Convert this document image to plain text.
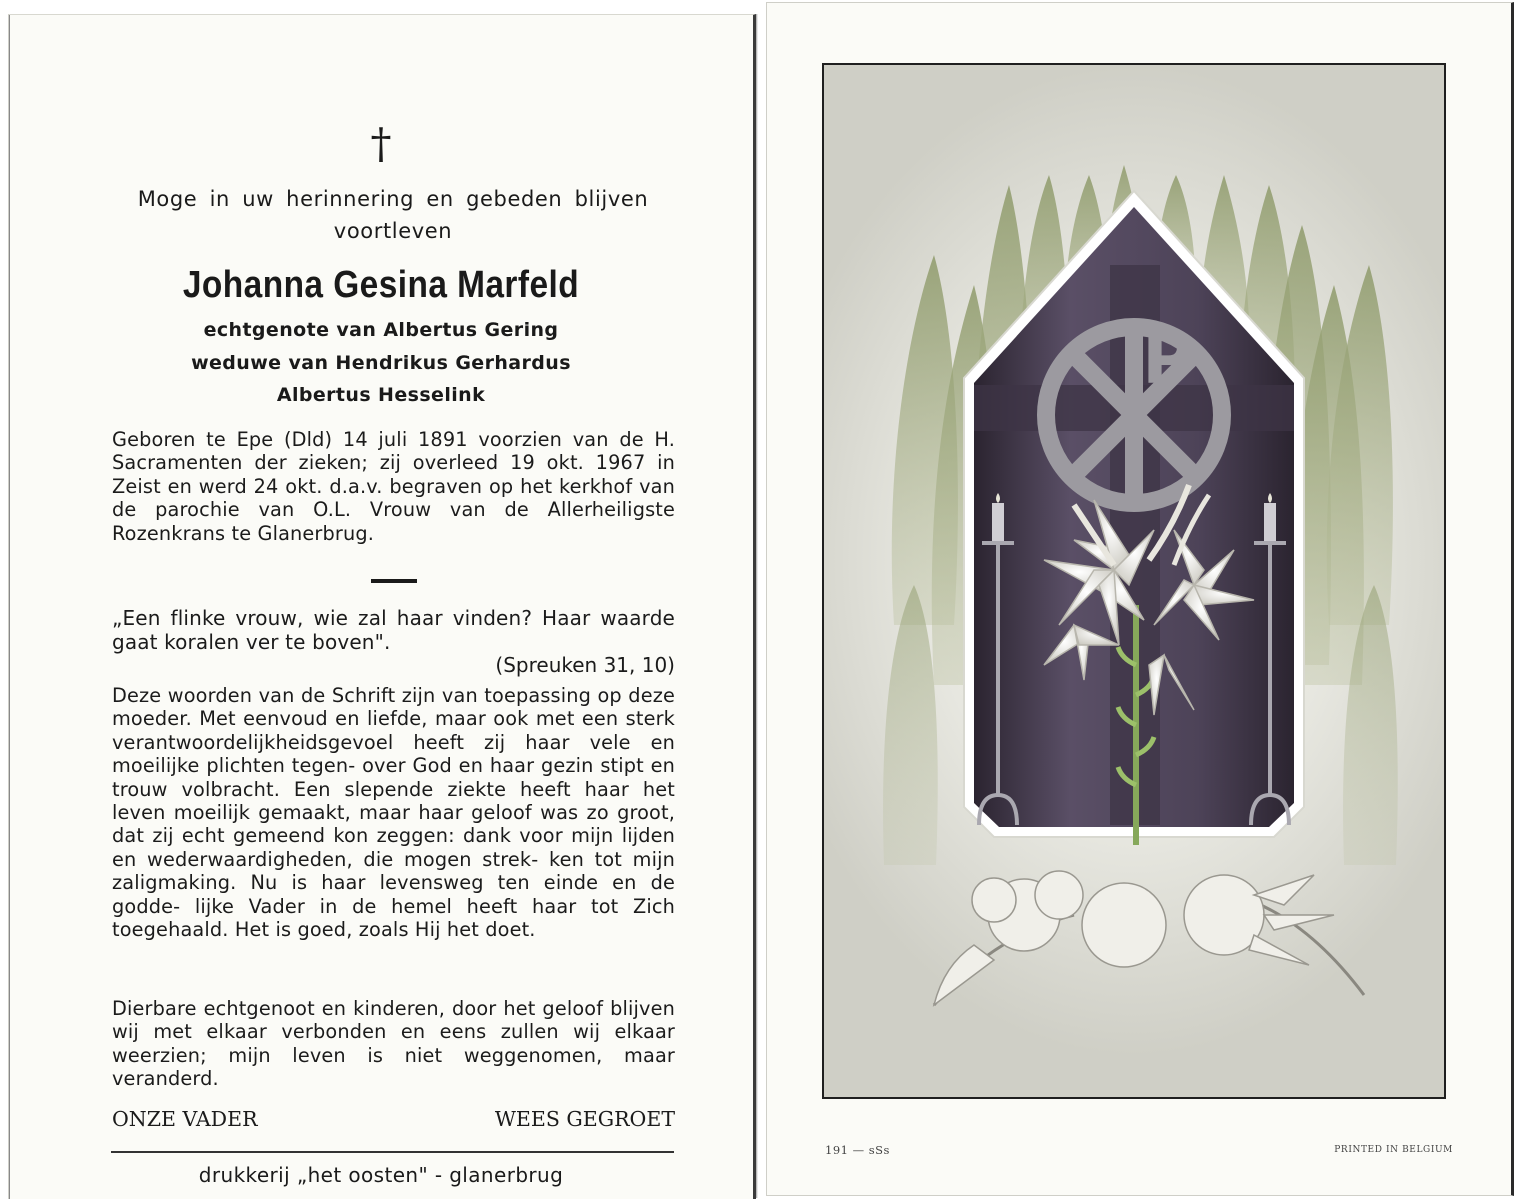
†
Moge in uw herinnering en gebeden blijven voortleven
Johanna Gesina Marfeld
echtgenote van Albertus Gering
weduwe van Hendrikus Gerhardus
Albertus Hesselink
Geboren te Epe (Dld) 14 juli 1891 voorzien van de H. Sacramenten der zieken; zij overleed 19 okt. 1967 in Zeist en werd 24 okt. d.a.v. begraven op het kerkhof van de parochie van O.L. Vrouw van de Allerheiligste Rozenkrans te Glanerbrug.
„Een flinke vrouw, wie zal haar vinden? Haar waarde gaat koralen ver te boven".
(Spreuken 31, 10)
Deze woorden van de Schrift zijn van toepassing op deze moeder. Met eenvoud en liefde, maar ook met een sterk verantwoordelijkheidsgevoel heeft zij haar vele en moeilijke plichten tegen- over God en haar gezin stipt en trouw volbracht. Een slepende ziekte heeft haar het leven moeilijk gemaakt, maar haar geloof was zo groot, dat zij echt gemeend kon zeggen: dank voor mijn lijden en wederwaardigheden, die mogen strek- ken tot mijn zaligmaking. Nu is haar levensweg ten einde en de godde- lijke Vader in de hemel heeft haar tot Zich toegehaald. Het is goed, zoals Hij het doet.
Dierbare echtgenoot en kinderen, door het geloof blijven wij met elkaar verbonden en eens zullen wij elkaar weerzien; mijn leven is niet weggenomen, maar veranderd.
ONZE VADER	WEES GEGROET
drukkerij „het oosten" - glanerbrug
P
191 — sSs	PRINTED IN BELGIUM
